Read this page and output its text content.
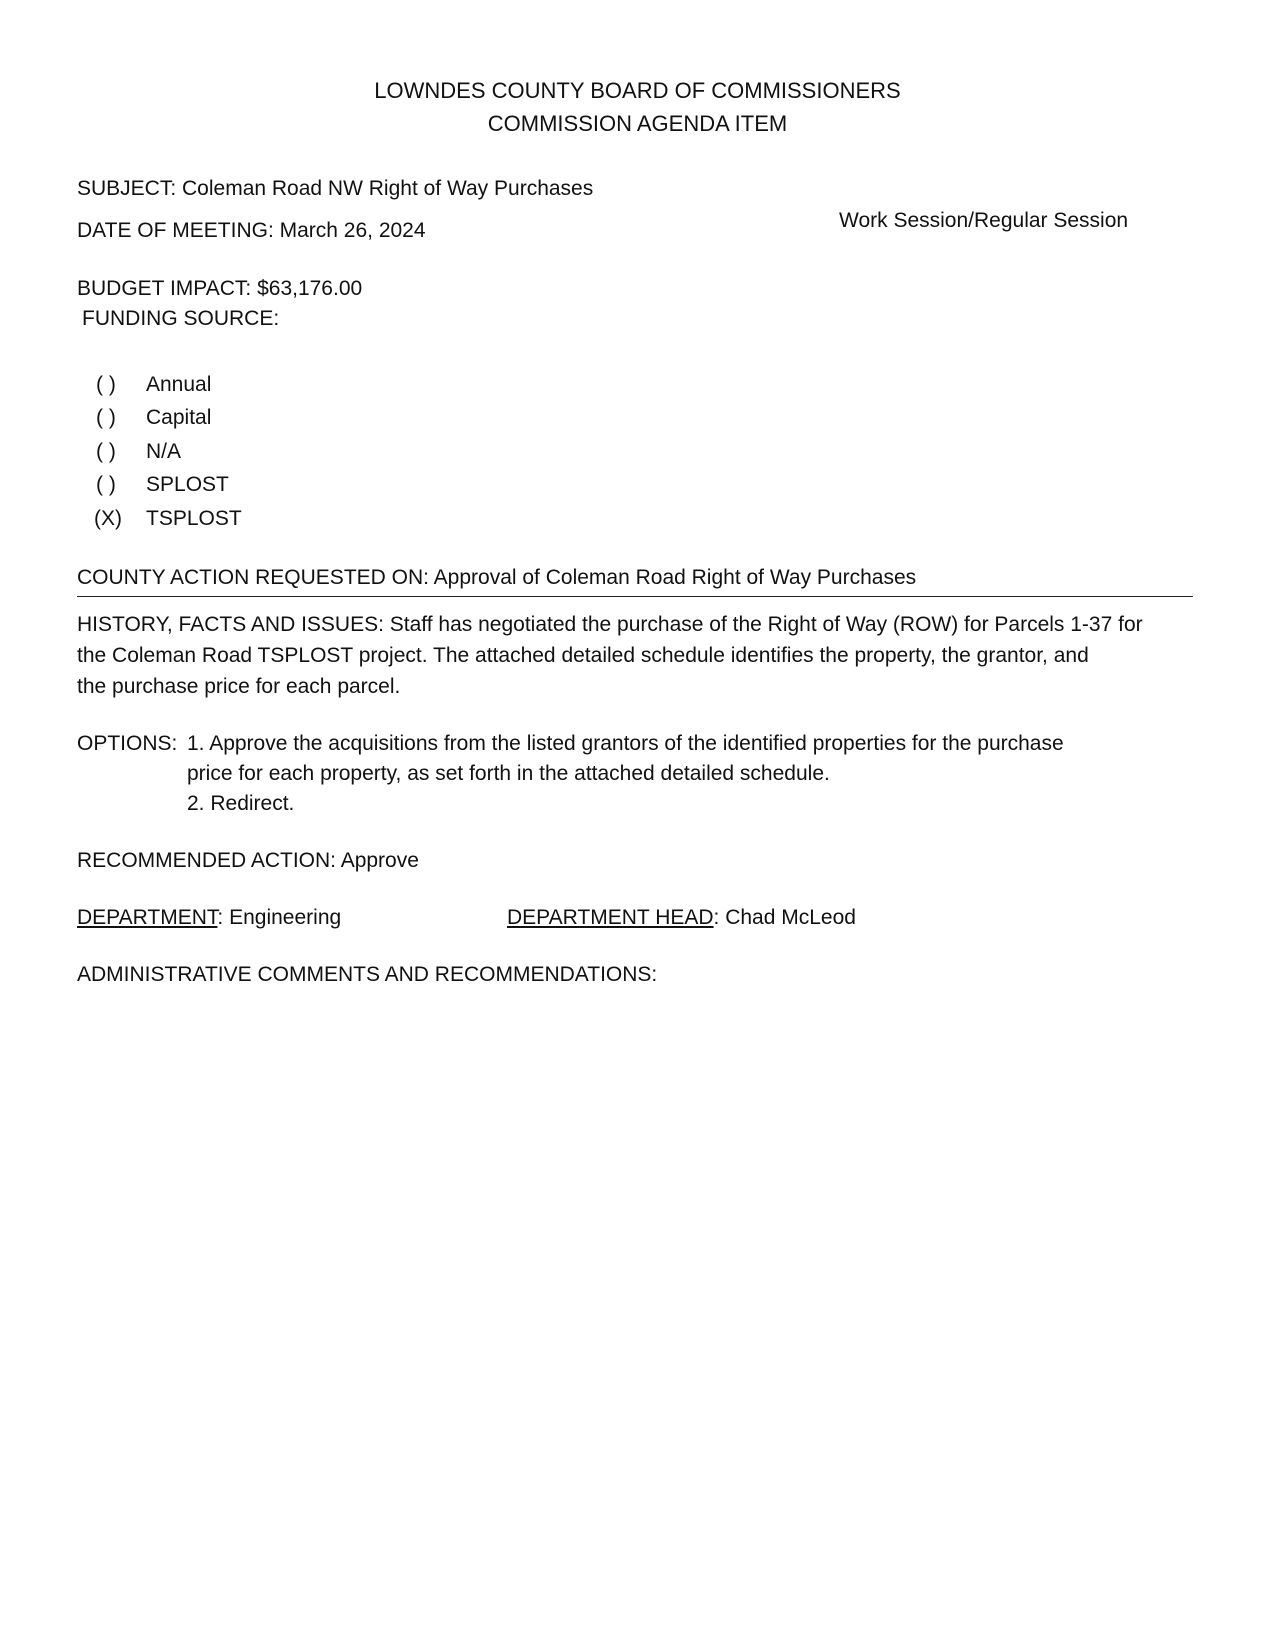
LOWNDES COUNTY BOARD OF COMMISSIONERS
COMMISSION AGENDA ITEM
SUBJECT: Coleman Road NW Right of Way Purchases
DATE OF MEETING: March 26, 2024	Work Session/Regular Session
BUDGET IMPACT: $63,176.00
FUNDING SOURCE:
( ) Annual
( ) Capital
( ) N/A
( ) SPLOST
(X) TSPLOST
COUNTY ACTION REQUESTED ON: Approval of Coleman Road Right of Way Purchases
HISTORY, FACTS AND ISSUES: Staff has negotiated the purchase of the Right of Way (ROW) for Parcels 1-37 for
the Coleman Road TSPLOST project. The attached detailed schedule identifies the property, the grantor, and
the purchase price for each parcel.
OPTIONS: 1. Approve the acquisitions from the listed grantors of the identified properties for the purchase
price for each property, as set forth in the attached detailed schedule.
2. Redirect.
RECOMMENDED ACTION: Approve
DEPARTMENT: Engineering	DEPARTMENT HEAD: Chad McLeod
ADMINISTRATIVE COMMENTS AND RECOMMENDATIONS:
